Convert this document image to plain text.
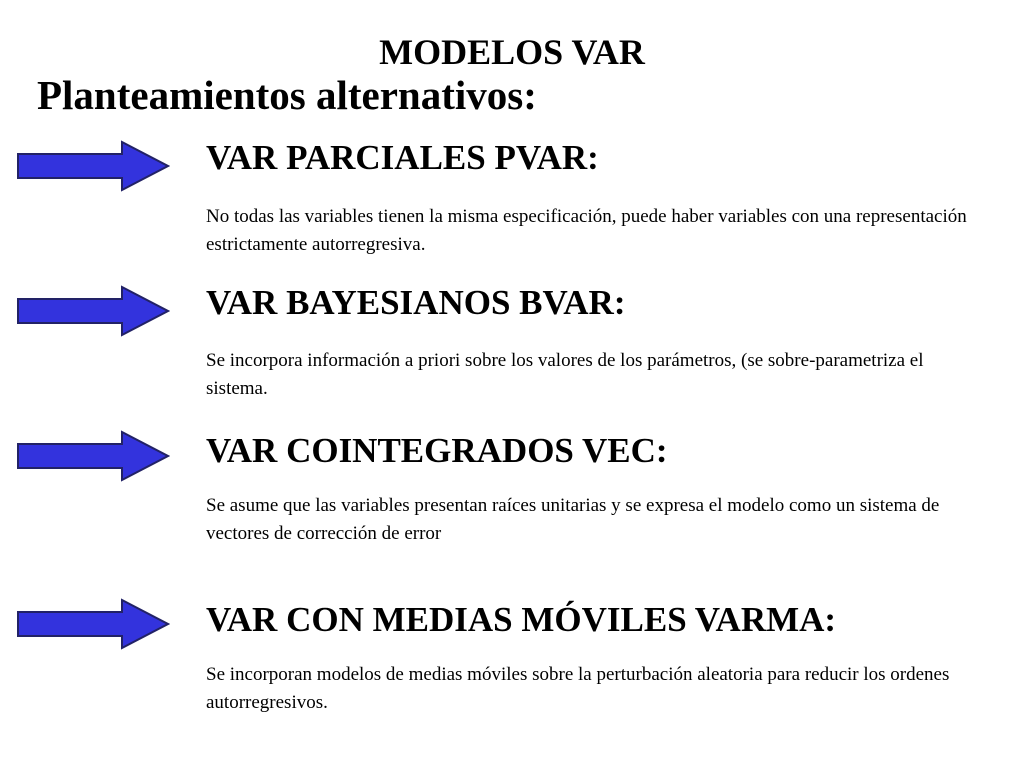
MODELOS VAR
Planteamientos alternativos:
VAR PARCIALES PVAR:

No todas las variables tienen la misma especificación, puede haber variables con una representación estrictamente autorregresiva.

VAR BAYESIANOS BVAR:

Se incorpora información a priori sobre los valores de los parámetros, (se sobre-parametriza el sistema.

VAR COINTEGRADOS VEC:

Se asume que las variables presentan raíces unitarias y se expresa el modelo como un sistema de vectores de corrección de error

VAR CON MEDIAS MÓVILES VARMA:

Se incorporan modelos de medias móviles sobre la perturbación aleatoria para reducir los ordenes autorregresivos.
